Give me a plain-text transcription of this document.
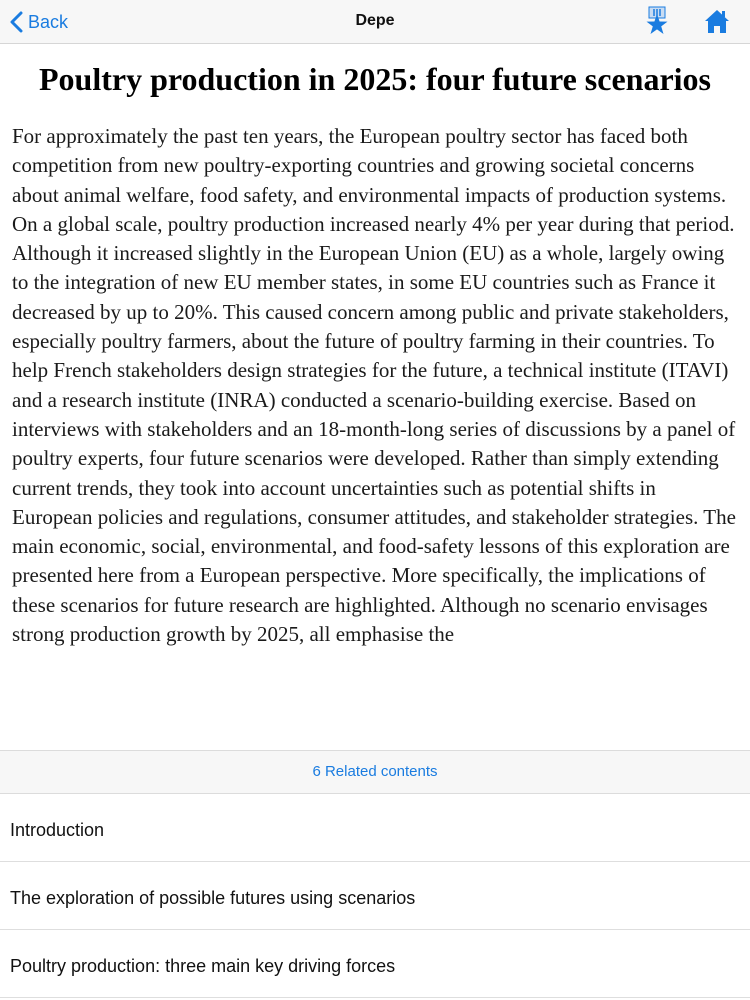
Back	Depe
Poultry production in 2025: four future scenarios

For approximately the past ten years, the European poultry sector has faced both competition from new poultry-exporting countries and growing societal concerns about animal welfare, food safety, and environmental impacts of production systems. On a global scale, poultry production increased nearly 4% per year during that period. Although it increased slightly in the European Union (EU) as a whole, largely owing to the integration of new EU member states, in some EU countries such as France it decreased by up to 20%. This caused concern among public and private stakeholders, especially poultry farmers, about the future of poultry farming in their countries. To help French stakeholders design strategies for the future, a technical institute (ITAVI) and a research institute (INRA) conducted a scenario-building exercise. Based on interviews with stakeholders and an 18-month-long series of discussions by a panel of poultry experts, four future scenarios were developed. Rather than simply extending current trends, they took into account uncertainties such as potential shifts in European policies and regulations, consumer attitudes, and stakeholder strategies. The main economic, social, environmental, and food-safety lessons of this exploration are presented here from a European perspective. More specifically, the implications of these scenarios for future research are highlighted. Although no scenario envisages strong production growth by 2025, all emphasise the

6 Related contents
Introduction
The exploration of possible futures using scenarios
Poultry production: three main key driving forces
